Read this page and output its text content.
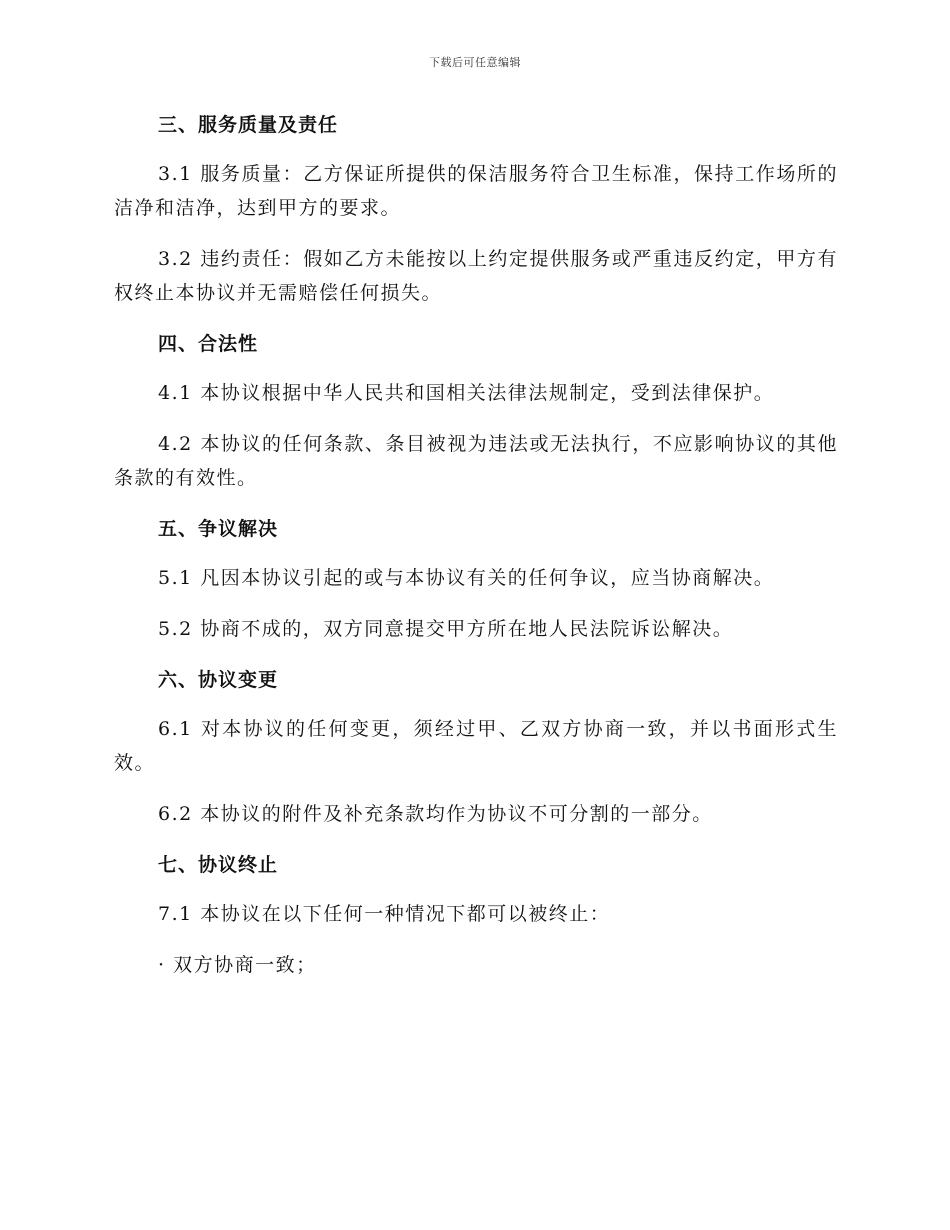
下载后可任意编辑
三、服务质量及责任

3.1 服务质量：乙方保证所提供的保洁服务符合卫生标准，保持工作场所的洁净和洁净，达到甲方的要求。

3.2 违约责任：假如乙方未能按以上约定提供服务或严重违反约定，甲方有权终止本协议并无需赔偿任何损失。

四、合法性

4.1 本协议根据中华人民共和国相关法律法规制定，受到法律保护。

4.2 本协议的任何条款、条目被视为违法或无法执行，不应影响协议的其他条款的有效性。

五、争议解决

5.1 凡因本协议引起的或与本协议有关的任何争议，应当协商解决。

5.2 协商不成的，双方同意提交甲方所在地人民法院诉讼解决。

六、协议变更

6.1 对本协议的任何变更，须经过甲、乙双方协商一致，并以书面形式生效。

6.2 本协议的附件及补充条款均作为协议不可分割的一部分。

七、协议终止

7.1 本协议在以下任何一种情况下都可以被终止：

· 双方协商一致；
